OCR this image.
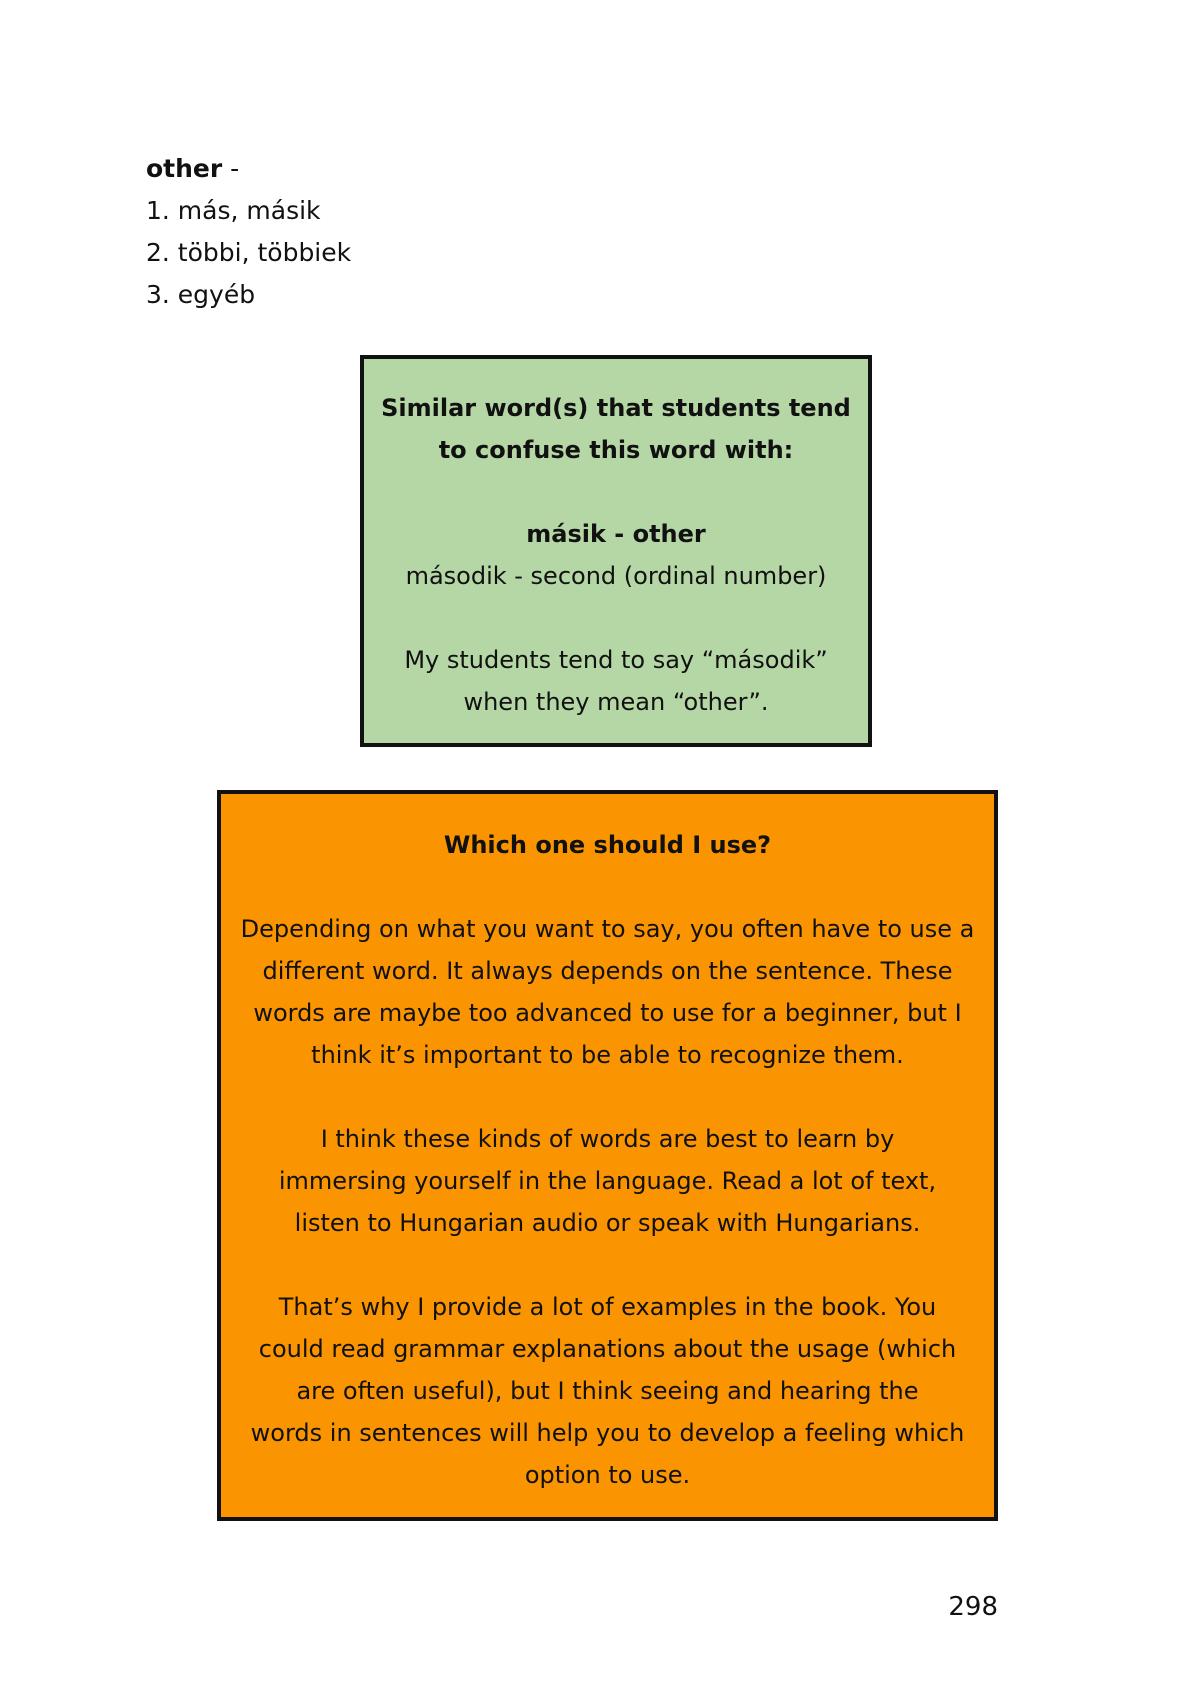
other -
1. más, másik
2. többi, többiek
3. egyéb

Similar word(s) that students tend
to confuse this word with:

másik - other
második - second (ordinal number)

My students tend to say “második”
when they mean “other”.

Which one should I use?

Depending on what you want to say, you often have to use a
different word. It always depends on the sentence. These
words are maybe too advanced to use for a beginner, but I
think it’s important to be able to recognize them.

I think these kinds of words are best to learn by
immersing yourself in the language. Read a lot of text,
listen to Hungarian audio or speak with Hungarians.

That’s why I provide a lot of examples in the book. You
could read grammar explanations about the usage (which
are often useful), but I think seeing and hearing the
words in sentences will help you to develop a feeling which
option to use.

298
